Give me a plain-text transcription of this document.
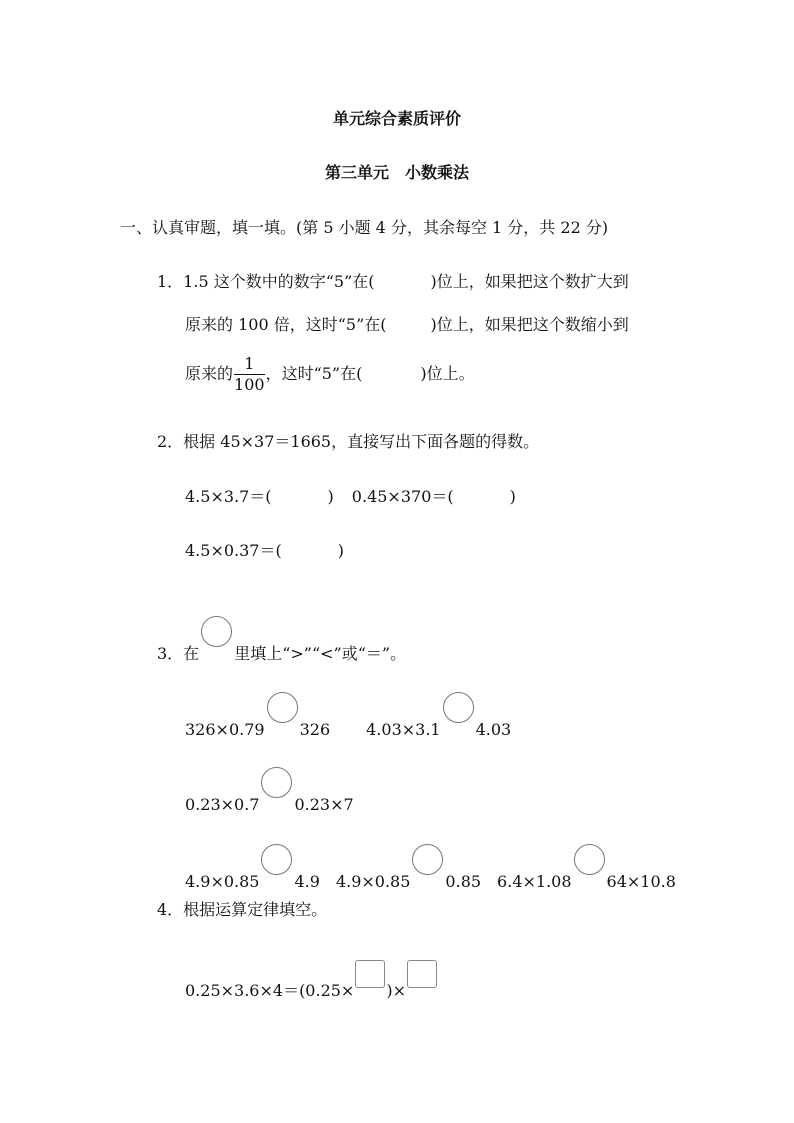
单元综合素质评价
第三单元　小数乘法
一、认真审题，填一填。(第 5 小题 4 分，其余每空 1 分，共 22 分)
1．1.5 这个数中的数字“5”在(	)位上，如果把这个数扩大到
原来的 100 倍，这时“5”在(	)位上，如果把这个数缩小到
原来的 $\frac{1}{100}$ ，这时“5”在(	)位上。
2．根据 45×37＝1665，直接写出下面各题的得数。
4.5×3.7＝(	) 0.45×370＝(	)
4.5×0.37＝(	)
3．在 里填上“>”“<”或“＝”。
326×0.79 326 4.03×3.1 4.03
0.23×0.7 0.23×7
4.9×0.85 4.9 4.9×0.85 0.85 6.4×1.08 64×10.8
4．根据运算定律填空。
0.25×3.6×4＝(0.25× )×
